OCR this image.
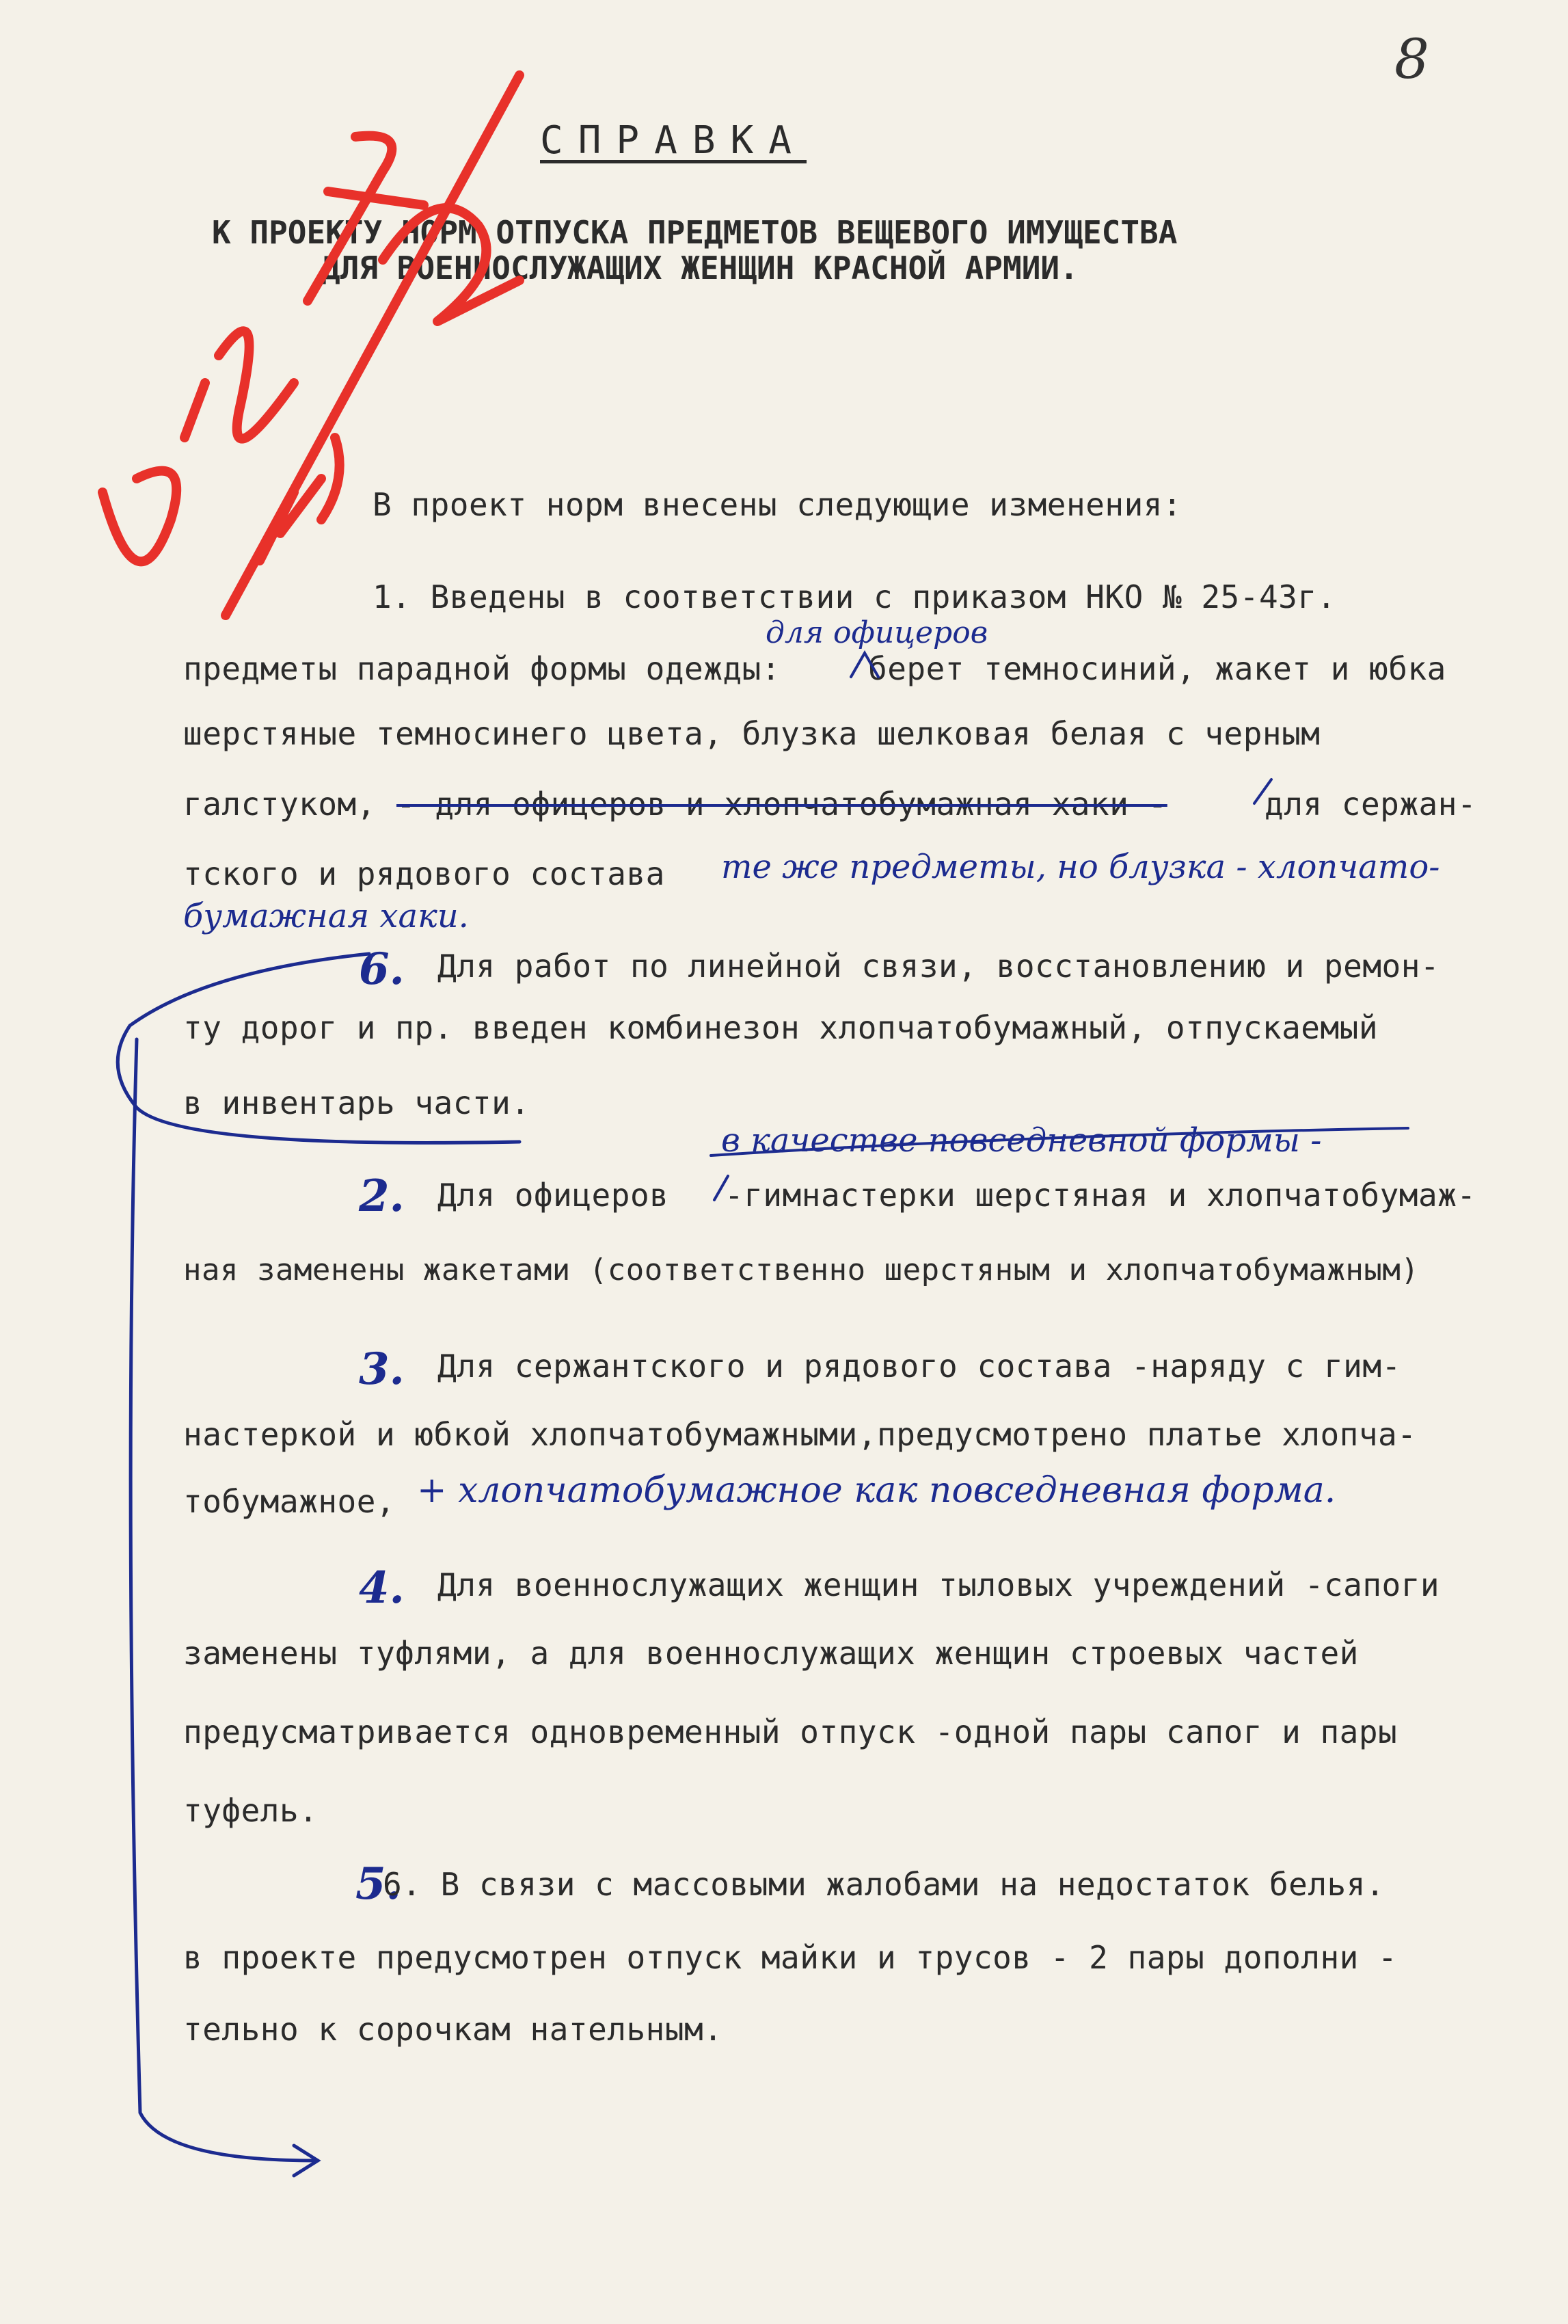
8
СПРАВКА
К ПРОЕКТУ НОРМ ОТПУСКА ПРЕДМЕТОВ ВЕЩЕВОГО ИМУЩЕСТВА
ДЛЯ ВОЕННОСЛУЖАЩИХ ЖЕНЩИН КРАСНОЙ АРМИИ.
В проект норм внесены следующие изменения:
1. Введены в соответствии с приказом НКО № 25-43г.
для офицеров
предметы парадной формы одежды:	берет темносиний, жакет и юбка
шерстяные темносинего цвета, блузка шелковая белая с черным
галстуком, - для офицеров и хлопчатобумажная хаки -	для сержан-
тского и рядового состава те же предметы, но блузка - хлопчато-
бумажная хаки.
6. Для работ по линейной связи, восстановлению и ремон-
ту дорог и пр. введен комбинезон хлопчатобумажный, отпускаемый
в инвентарь части.
в качестве повседневной формы -
2. Для офицеров -гимнастерки шерстяная и хлопчатобумаж-
ная заменены жакетами (соответственно шерстяным и хлопчатобумажным)
3. Для сержантского и рядового состава -наряду с гим-
настеркой и юбкой хлопчатобумажными,предусмотрено платье хлопча-
тобумажное, + хлопчатобумажное как повседневная форма.
4. Для военнослужащих женщин тыловых учреждений -сапоги
заменены туфлями, а для военнослужащих женщин строевых частей
предусматривается одновременный отпуск -одной пары сапог и пары
туфель.
5.
6. В связи с массовыми жалобами на недостаток белья.
в проекте предусмотрен отпуск майки и трусов - 2 пары дополни -
тельно к сорочкам нательным.
